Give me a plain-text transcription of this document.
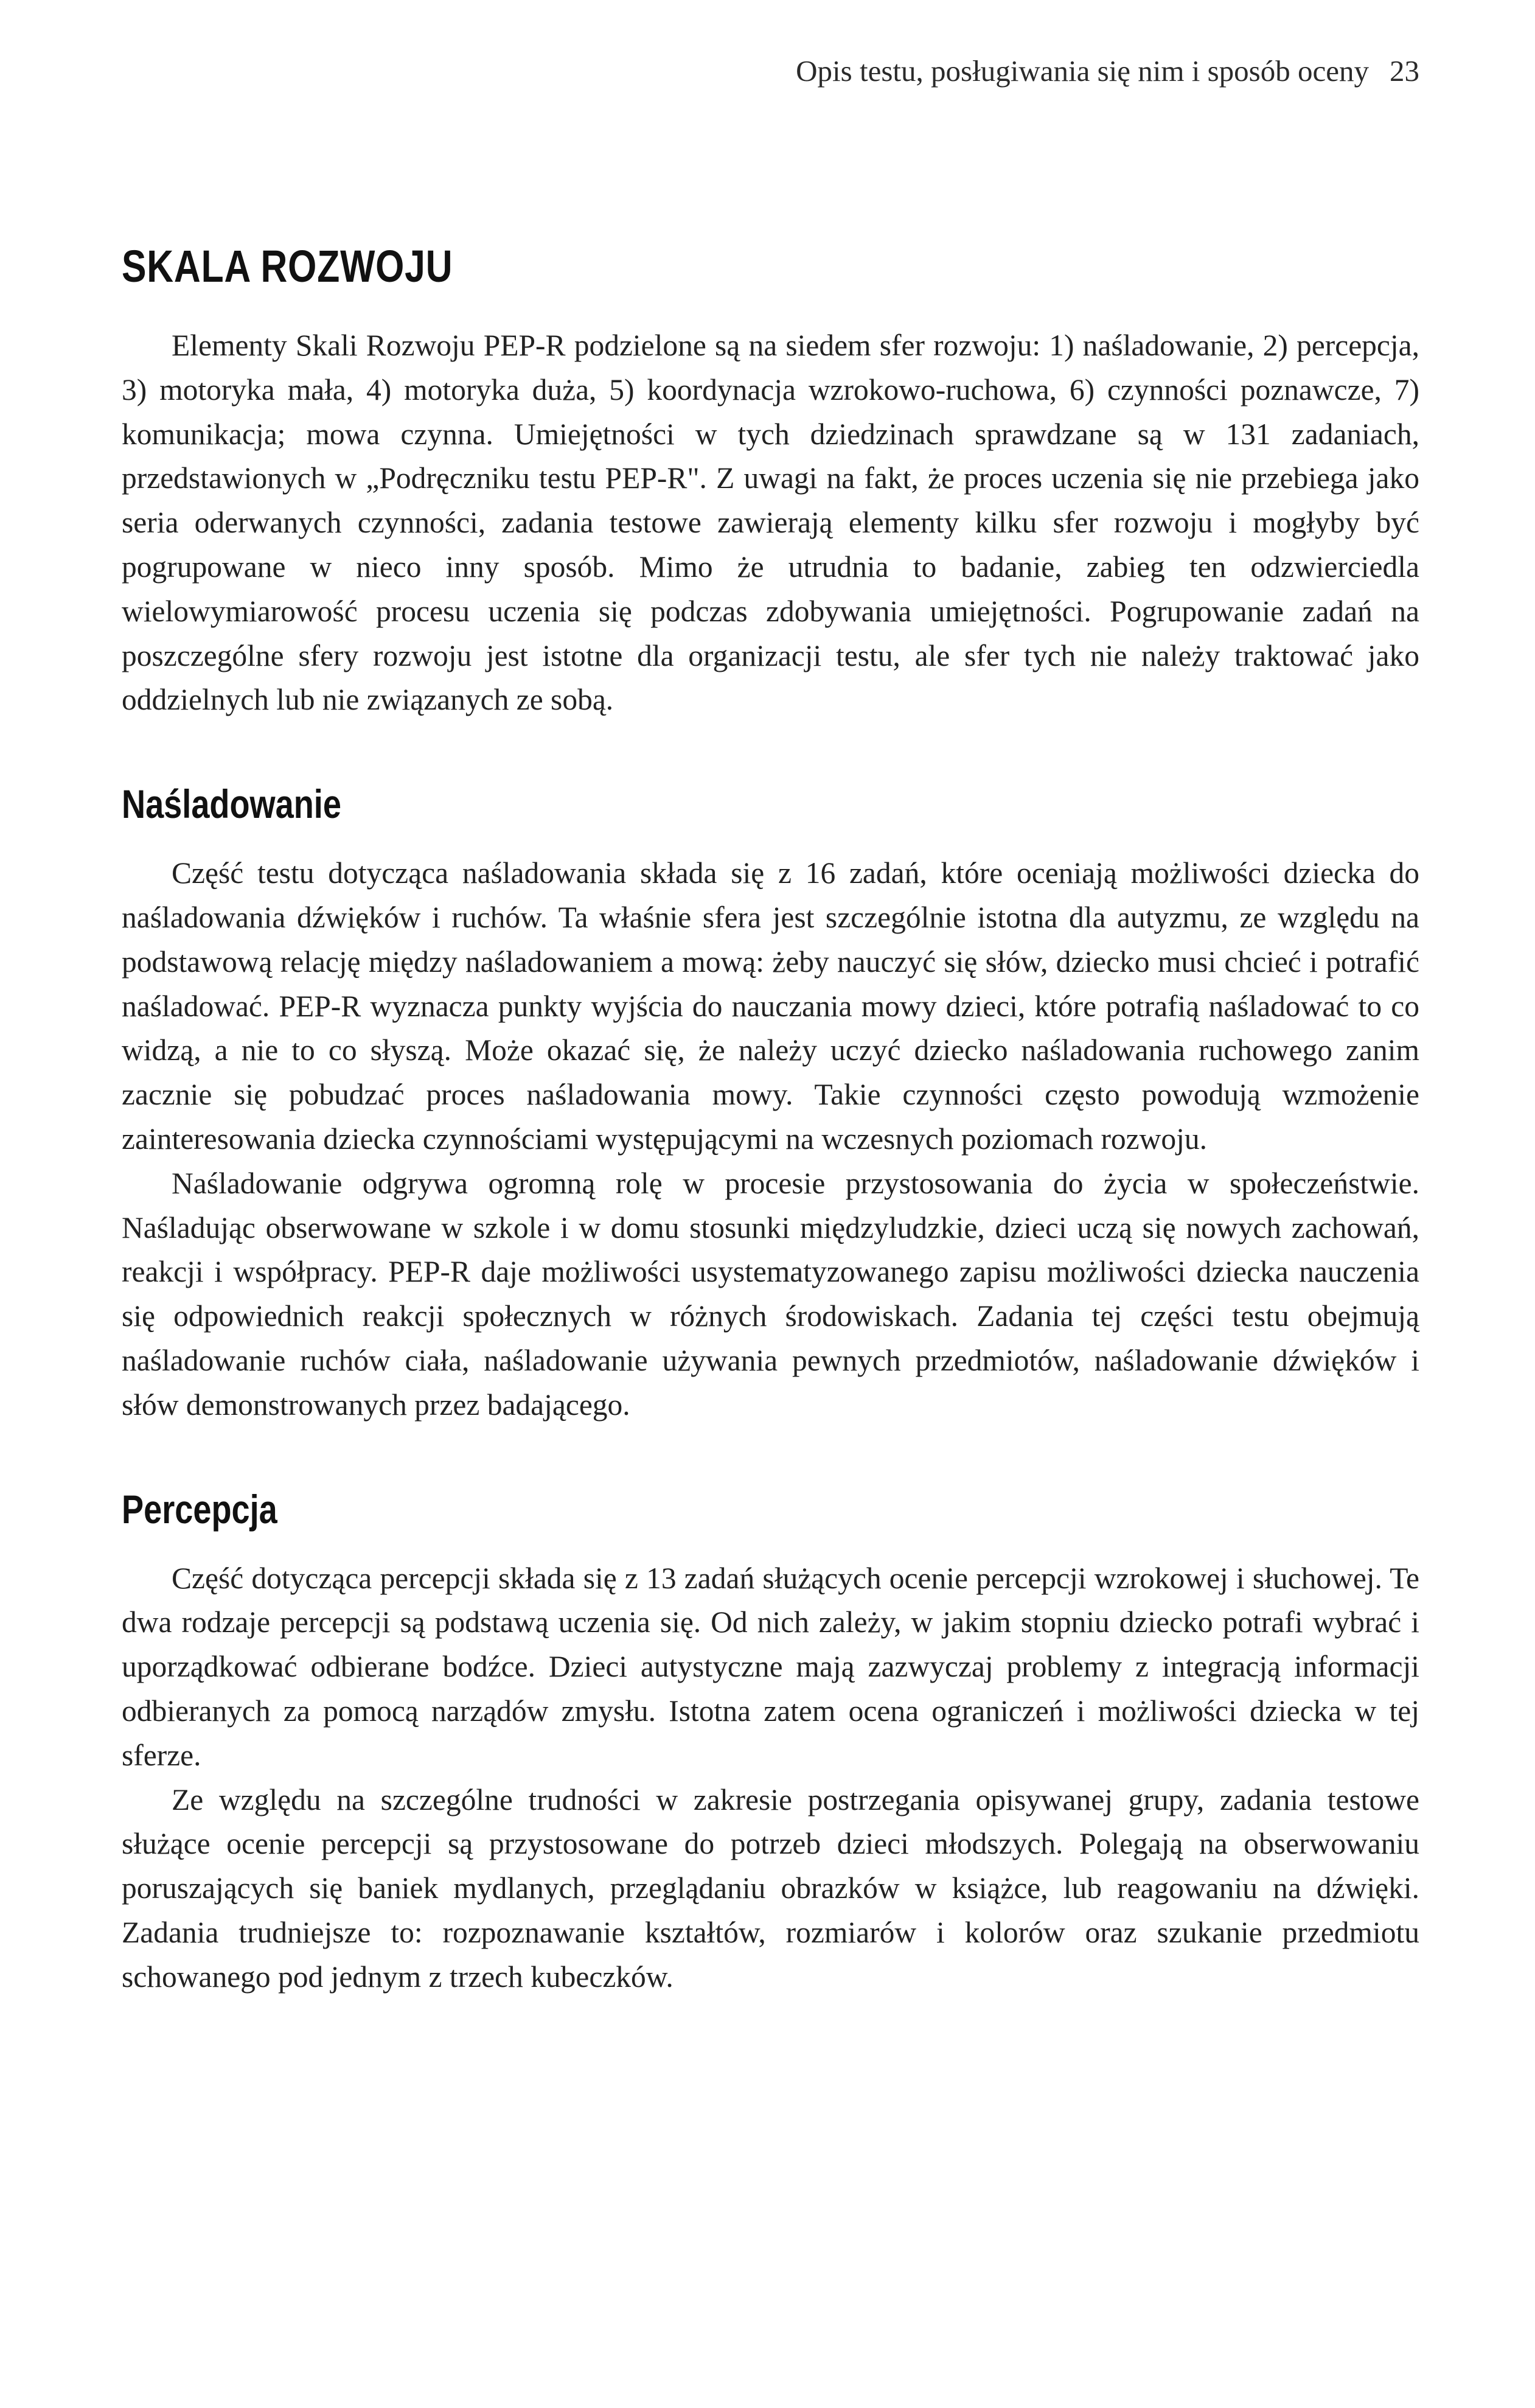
Opis testu, posługiwania się nim i sposób oceny 23
SKALA ROZWOJU

Elementy Skali Rozwoju PEP-R podzielone są na siedem sfer rozwoju: 1) naśladowanie, 2) percepcja, 3) motoryka mała, 4) motoryka duża, 5) koordynacja wzrokowo-ruchowa, 6) czynności poznawcze, 7) komunikacja; mowa czynna. Umiejętności w tych dziedzinach sprawdzane są w 131 zadaniach, przedstawionych w „Podręczniku testu PEP-R". Z uwagi na fakt, że proces uczenia się nie przebiega jako seria oderwanych czynności, zadania testowe zawierają elementy kilku sfer rozwoju i mogłyby być pogrupowane w nieco inny sposób. Mimo że utrudnia to badanie, zabieg ten odzwierciedla wielowymiarowość procesu uczenia się podczas zdobywania umiejętności. Pogrupowanie zadań na poszczególne sfery rozwoju jest istotne dla organizacji testu, ale sfer tych nie należy traktować jako oddzielnych lub nie związanych ze sobą.

Naśladowanie

Część testu dotycząca naśladowania składa się z 16 zadań, które oceniają możliwości dziecka do naśladowania dźwięków i ruchów. Ta właśnie sfera jest szczególnie istotna dla autyzmu, ze względu na podstawową relację między naśladowaniem a mową: żeby nauczyć się słów, dziecko musi chcieć i potrafić naśladować. PEP-R wyznacza punkty wyjścia do nauczania mowy dzieci, które potrafią naśladować to co widzą, a nie to co słyszą. Może okazać się, że należy uczyć dziecko naśladowania ruchowego zanim zacznie się pobudzać proces naśladowania mowy. Takie czynności często powodują wzmożenie zainteresowania dziecka czynnościami występującymi na wczesnych poziomach rozwoju.

Naśladowanie odgrywa ogromną rolę w procesie przystosowania do życia w społeczeństwie. Naśladując obserwowane w szkole i w domu stosunki międzyludzkie, dzieci uczą się nowych zachowań, reakcji i współpracy. PEP-R daje możliwości usystematyzowanego zapisu możliwości dziecka nauczenia się odpowiednich reakcji społecznych w różnych środowiskach. Zadania tej części testu obejmują naśladowanie ruchów ciała, naśladowanie używania pewnych przedmiotów, naśladowanie dźwięków i słów demonstrowanych przez badającego.

Percepcja

Część dotycząca percepcji składa się z 13 zadań służących ocenie percepcji wzrokowej i słuchowej. Te dwa rodzaje percepcji są podstawą uczenia się. Od nich zależy, w jakim stopniu dziecko potrafi wybrać i uporządkować odbierane bodźce. Dzieci autystyczne mają zazwyczaj problemy z integracją informacji odbieranych za pomocą narządów zmysłu. Istotna zatem ocena ograniczeń i możliwości dziecka w tej sferze.

Ze względu na szczególne trudności w zakresie postrzegania opisywanej grupy, zadania testowe służące ocenie percepcji są przystosowane do potrzeb dzieci młodszych. Polegają na obserwowaniu poruszających się baniek mydlanych, przeglądaniu obrazków w książce, lub reagowaniu na dźwięki. Zadania trudniejsze to: rozpoznawanie kształtów, rozmiarów i kolorów oraz szukanie przedmiotu schowanego pod jednym z trzech kubeczków.
